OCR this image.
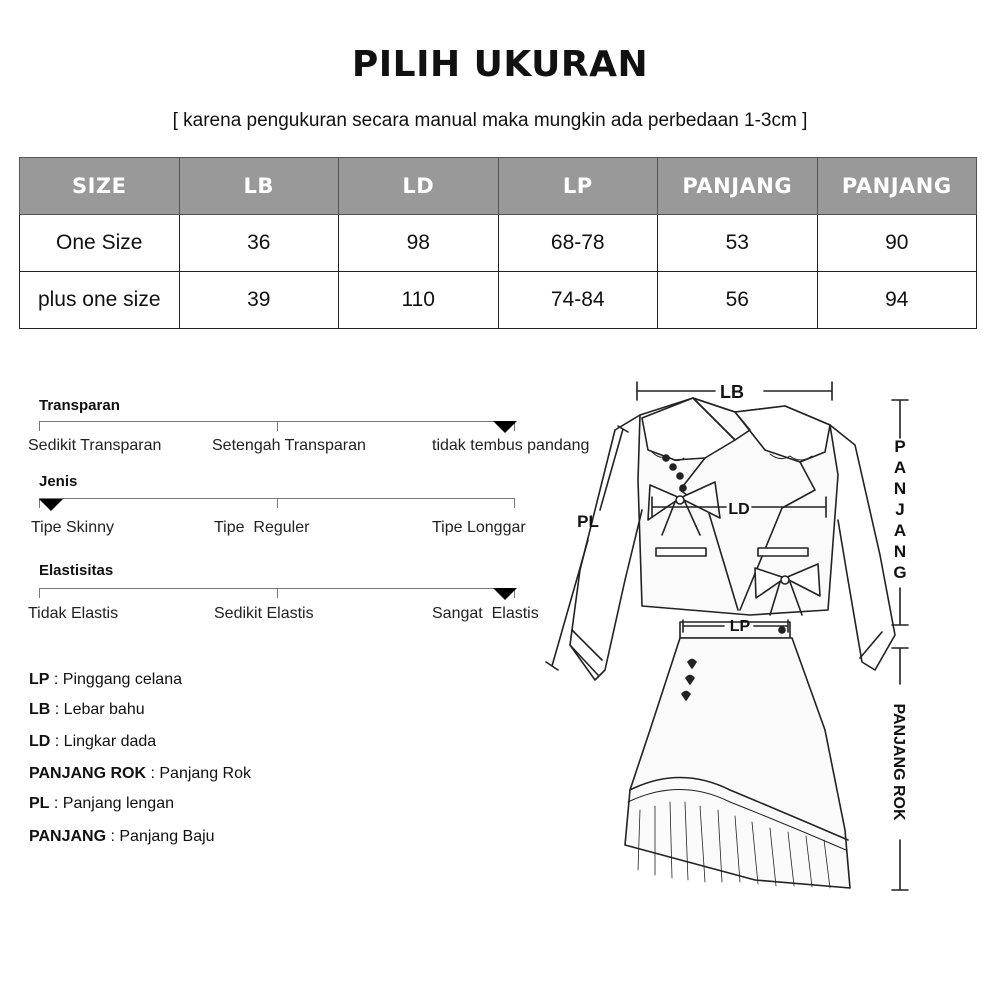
PILIH UKURAN
[ karena pengukuran secara manual maka mungkin ada perbedaan 1-3cm ]
SIZE	LB	LD	LP	PANJANG	PANJANG
One Size	36	98	68-78	53	90
plus one size	39	110	74-84	56	94
Transparan
Sedikit Transparan	Setengah Transparan	tidak tembus pandang
Jenis
Tipe Skinny	Tipe  Reguler	Tipe Longgar
Elastisitas
Tidak Elastis	Sedikit Elastis	Sangat  Elastis
LP : Pinggang celana
LB : Lebar bahu
LD : Lingkar dada
PANJANG ROK : Panjang Rok
PL : Panjang lengan
PANJANG : Panjang Baju
LB
LD
PL
LP
P
A
N
J
A
N
G
PANJANG ROK
